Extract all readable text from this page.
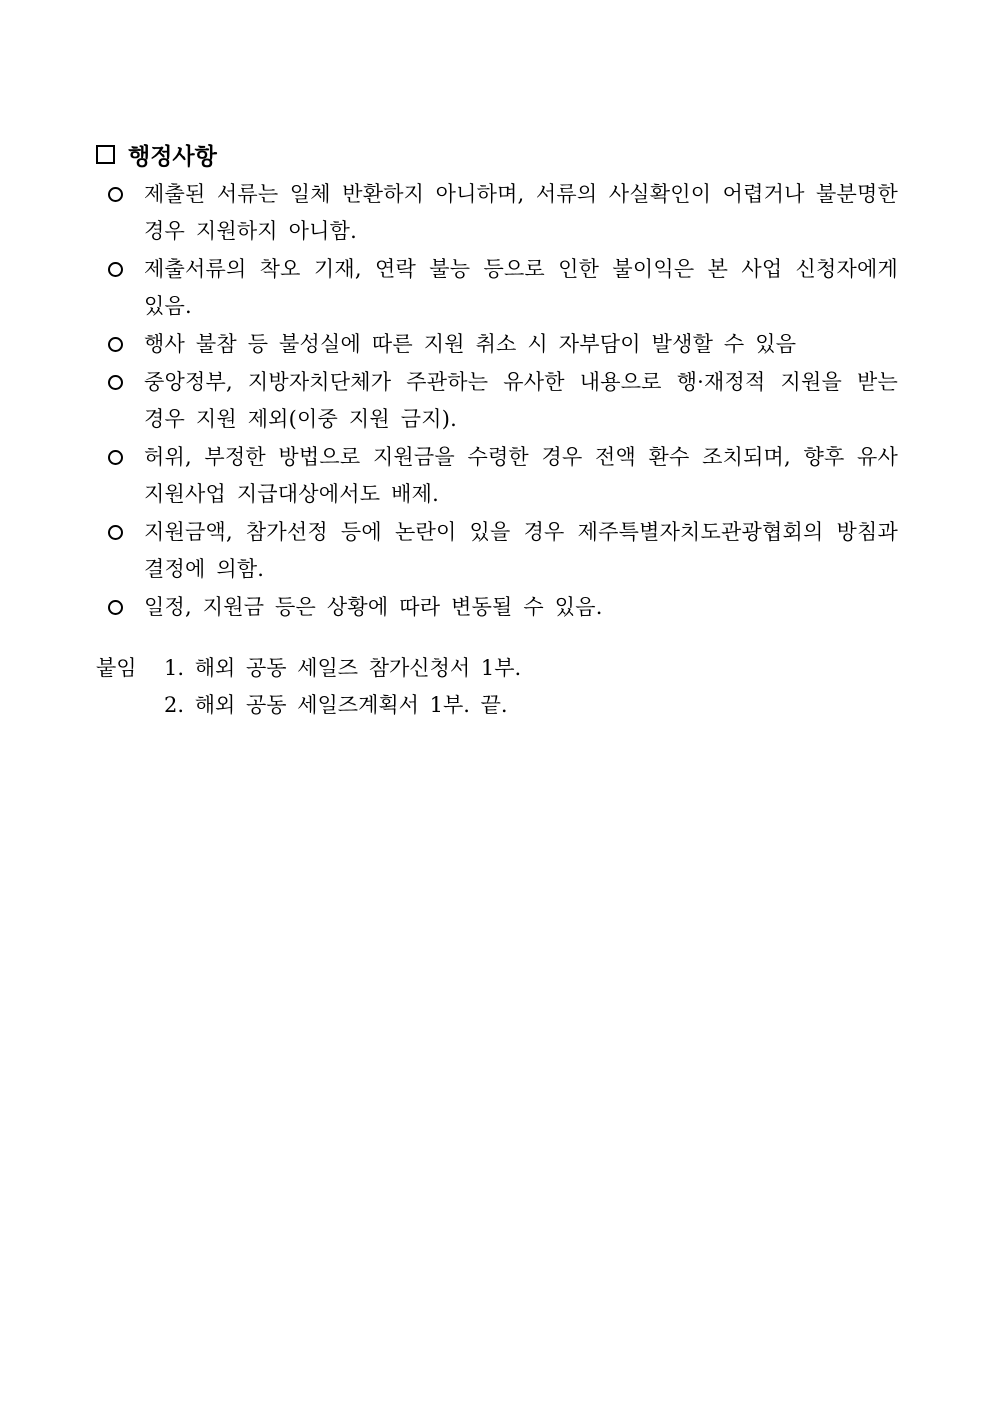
행정사항
제출된 서류는 일체 반환하지 아니하며, 서류의 사실확인이 어렵거나 불분명한 경우 지원하지 아니함.
제출서류의 착오 기재, 연락 불능 등으로 인한 불이익은 본 사업 신청자에게 있음.
행사 불참 등 불성실에 따른 지원 취소 시 자부담이 발생할 수 있음
중앙정부, 지방자치단체가 주관하는 유사한 내용으로 행·재정적 지원을 받는 경우 지원 제외(이중 지원 금지).
허위, 부정한 방법으로 지원금을 수령한 경우 전액 환수 조치되며, 향후 유사 지원사업 지급대상에서도 배제.
지원금액, 참가선정 등에 논란이 있을 경우 제주특별자치도관광협회의 방침과 결정에 의함.
일정, 지원금 등은 상황에 따라 변동될 수 있음.
붙임	1. 해외 공동 세일즈 참가신청서 1부.
2. 해외 공동 세일즈계획서 1부. 끝.
